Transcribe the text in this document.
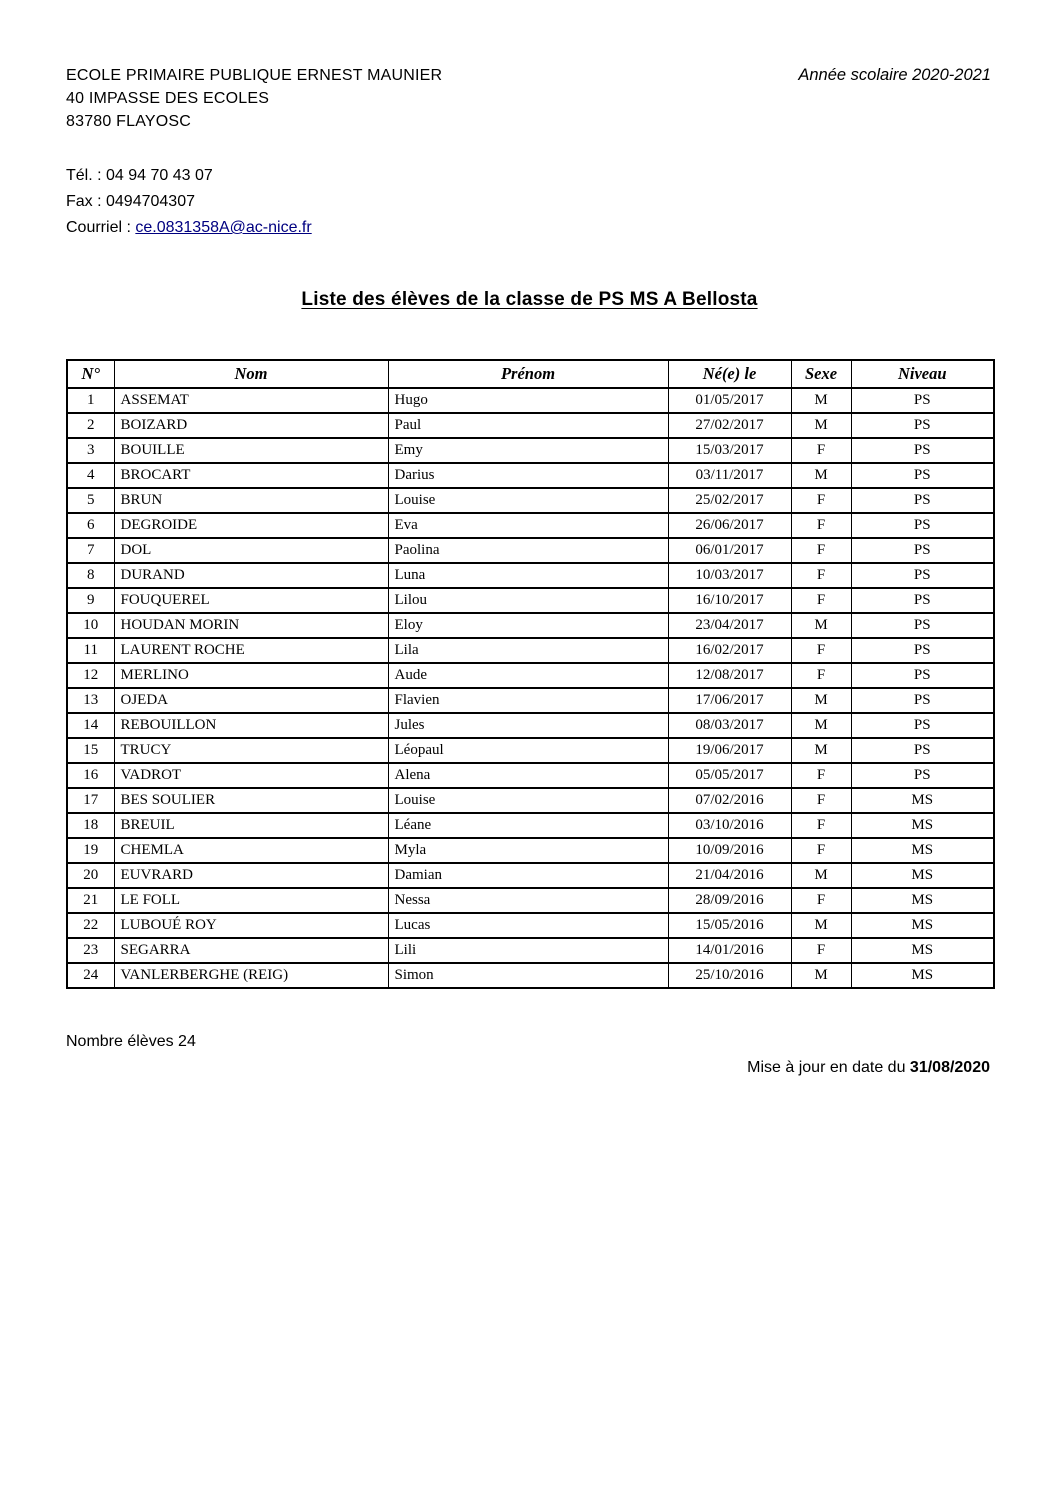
ECOLE PRIMAIRE PUBLIQUE ERNEST MAUNIER
40 IMPASSE DES ECOLES
83780 FLAYOSC
Année scolaire 2020-2021
Tél. : 04 94 70 43 07
Fax : 0494704307
Courriel : ce.0831358A@ac-nice.fr
Liste des élèves de la classe de PS MS A Bellosta
N°	Nom	Prénom	Né(e) le	Sexe	Niveau
1	ASSEMAT	Hugo	01/05/2017	M	PS
2	BOIZARD	Paul	27/02/2017	M	PS
3	BOUILLE	Emy	15/03/2017	F	PS
4	BROCART	Darius	03/11/2017	M	PS
5	BRUN	Louise	25/02/2017	F	PS
6	DEGROIDE	Eva	26/06/2017	F	PS
7	DOL	Paolina	06/01/2017	F	PS
8	DURAND	Luna	10/03/2017	F	PS
9	FOUQUEREL	Lilou	16/10/2017	F	PS
10	HOUDAN MORIN	Eloy	23/04/2017	M	PS
11	LAURENT ROCHE	Lila	16/02/2017	F	PS
12	MERLINO	Aude	12/08/2017	F	PS
13	OJEDA	Flavien	17/06/2017	M	PS
14	REBOUILLON	Jules	08/03/2017	M	PS
15	TRUCY	Léopaul	19/06/2017	M	PS
16	VADROT	Alena	05/05/2017	F	PS
17	BES SOULIER	Louise	07/02/2016	F	MS
18	BREUIL	Léane	03/10/2016	F	MS
19	CHEMLA	Myla	10/09/2016	F	MS
20	EUVRARD	Damian	21/04/2016	M	MS
21	LE FOLL	Nessa	28/09/2016	F	MS
22	LUBOUÉ ROY	Lucas	15/05/2016	M	MS
23	SEGARRA	Lili	14/01/2016	F	MS
24	VANLERBERGHE (REIG)	Simon	25/10/2016	M	MS
Nombre élèves 24
Mise à jour en date du 31/08/2020
